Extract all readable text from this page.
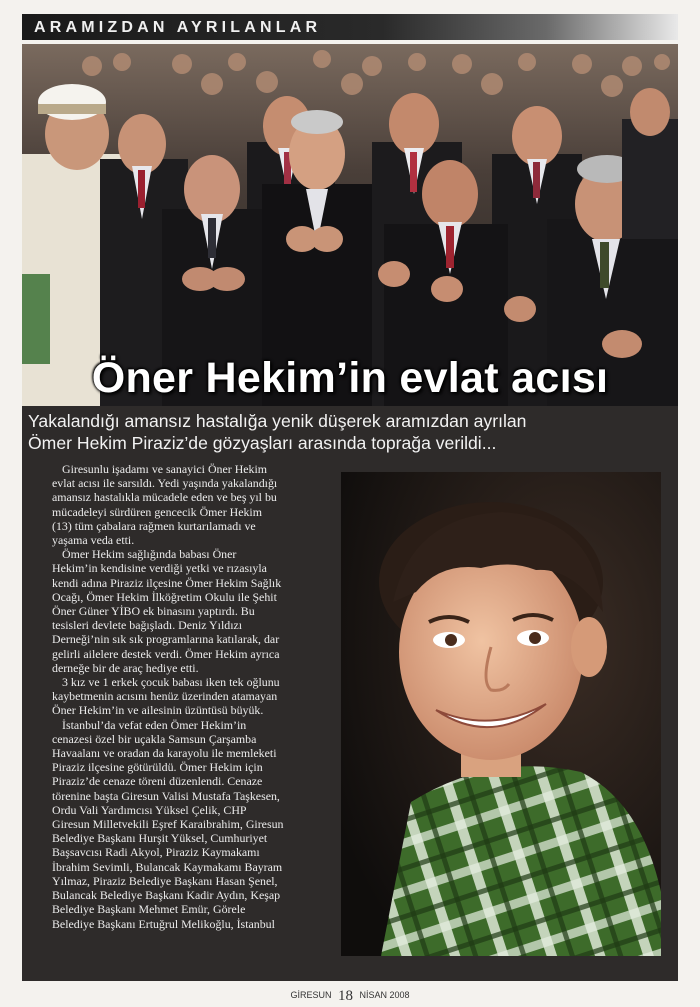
ARAMIZDAN AYRILANLAR
Öner Hekim’in evlat acısı
Yakalandığı amansız hastalığa yenik düşerek aramızdan ayrılan
Ömer Hekim Piraziz’de gözyaşları arasında toprağa verildi...
Giresunlu işadamı ve sanayici Öner Hekim
evlat acısı ile sarsıldı. Yedi yaşında yakalandığı
amansız hastalıkla mücadele eden ve beş yıl bu
mücadeleyi sürdüren gencecik Ömer Hekim
(13) tüm çabalara rağmen kurtarılamadı ve
yaşama veda etti.
Ömer Hekim sağlığında babası Öner
Hekim’in kendisine verdiği yetki ve rızasıyla
kendi adına Piraziz ilçesine Ömer Hekim Sağlık
Ocağı, Ömer Hekim İlköğretim Okulu ile Şehit
Öner Güner YİBO ek binasını yaptırdı. Bu
tesisleri devlete bağışladı. Deniz Yıldızı
Derneği’nin sık sık programlarına katılarak, dar
gelirli ailelere destek verdi. Ömer Hekim ayrıca
derneğe bir de araç hediye etti.
3 kız ve 1 erkek çocuk babası iken tek oğlunu
kaybetmenin acısını henüz üzerinden atamayan
Öner Hekim’in ve ailesinin üzüntüsü büyük.
İstanbul’da vefat eden Ömer Hekim’in
cenazesi özel bir uçakla Samsun Çarşamba
Havaalanı ve oradan da karayolu ile memleketi
Piraziz ilçesine götürüldü. Ömer Hekim için
Piraziz’de cenaze töreni düzenlendi. Cenaze
törenine başta Giresun Valisi Mustafa Taşkesen,
Ordu Vali Yardımcısı Yüksel Çelik, CHP
Giresun Milletvekili Eşref Karaibrahim, Giresun
Belediye Başkanı Hurşit Yüksel, Cumhuriyet
Başsavcısı Radi Akyol, Piraziz Kaymakamı
İbrahim Sevimli, Bulancak Kaymakamı Bayram
Yılmaz, Piraziz Belediye Başkanı Hasan Şenel,
Bulancak Belediye Başkanı Kadir Aydın, Keşap
Belediye Başkanı Mehmet Emür, Görele
Belediye Başkanı Ertuğrul Melikoğlu, İstanbul
GİRESUN 18 NİSAN 2008
